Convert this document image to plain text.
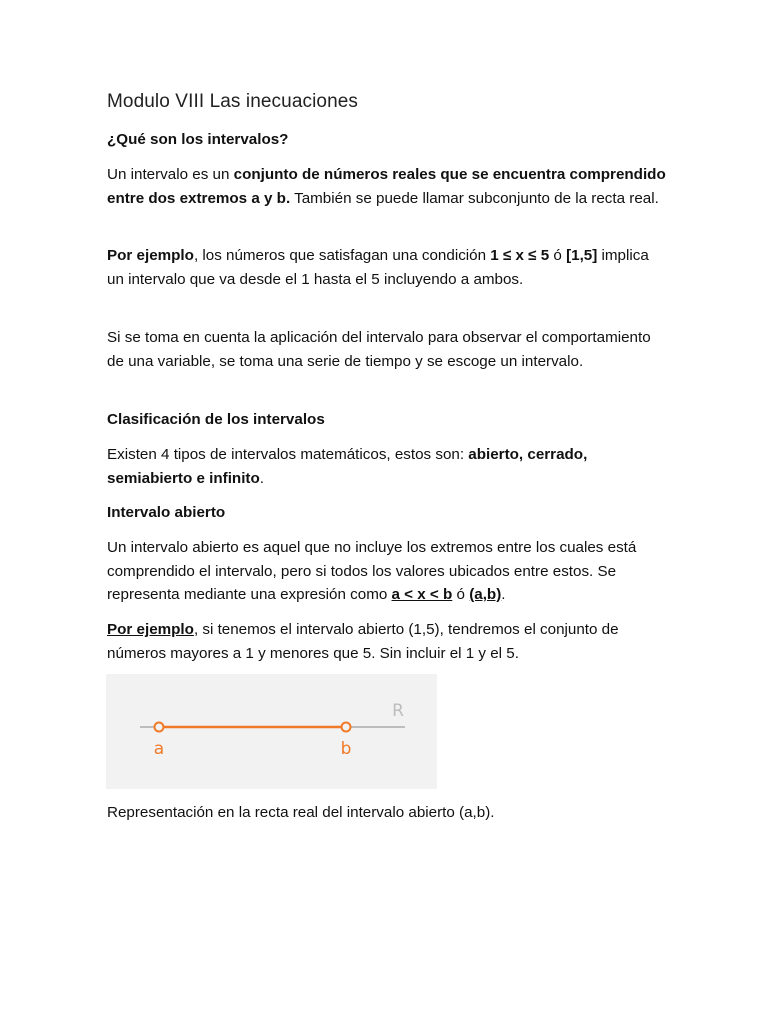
Modulo VIII Las inecuaciones
¿Qué son los intervalos?
Un intervalo es un conjunto de números reales que se encuentra comprendido entre dos extremos a y b. También se puede llamar subconjunto de la recta real.
Por ejemplo, los números que satisfagan una condición 1 ≤ x ≤ 5 ó [1,5] implica un intervalo que va desde el 1 hasta el 5 incluyendo a ambos.
Si se toma en cuenta la aplicación del intervalo para observar el comportamiento de una variable, se toma una serie de tiempo y se escoge un intervalo.
Clasificación de los intervalos
Existen 4 tipos de intervalos matemáticos, estos son: abierto, cerrado, semiabierto e infinito.
Intervalo abierto
Un intervalo abierto es aquel que no incluye los extremos entre los cuales está comprendido el intervalo, pero si todos los valores ubicados entre estos. Se representa mediante una expresión como a < x < b ó (a,b).
Por ejemplo, si tenemos el intervalo abierto (1,5), tendremos el conjunto de números mayores a 1 y menores que 5. Sin incluir el 1 y el 5.
a	b
R
Representación en la recta real del intervalo abierto (a,b).
